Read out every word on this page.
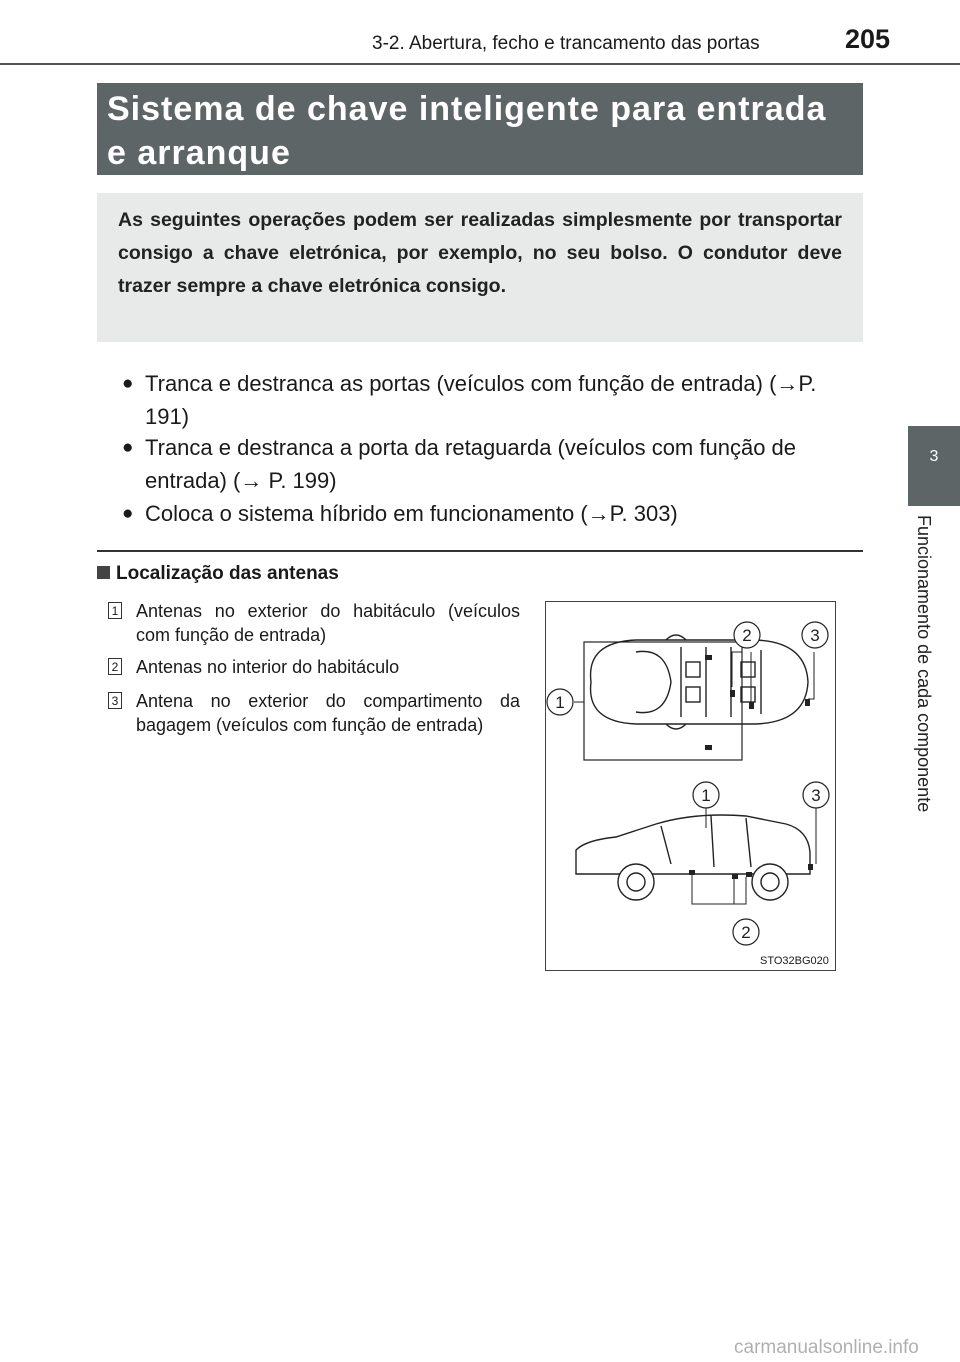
3-2. Abertura, fecho e trancamento das portas	205
Sistema de chave inteligente para entrada e arranque
As seguintes operações podem ser realizadas simplesmente por transportar consigo a chave eletrónica, por exemplo, no seu bolso. O condutor deve trazer sempre a chave eletrónica consigo.
● Tranca e destranca as portas (veículos com função de entrada) (→P. 191)
● Tranca e destranca a porta da retaguarda (veículos com função de entrada) (→ P. 199)
● Coloca o sistema híbrido em funcionamento (→P. 303)
Localização das antenas
1 Antenas no exterior do habitáculo (veículos com função de entrada)
2 Antenas no interior do habitáculo
3 Antena no exterior do compartimento da bagagem (veículos com função de entrada)
1
2	3
1	3
2
STO32BG020
3
Funcionamento de cada componente
carmanualsonline.info
